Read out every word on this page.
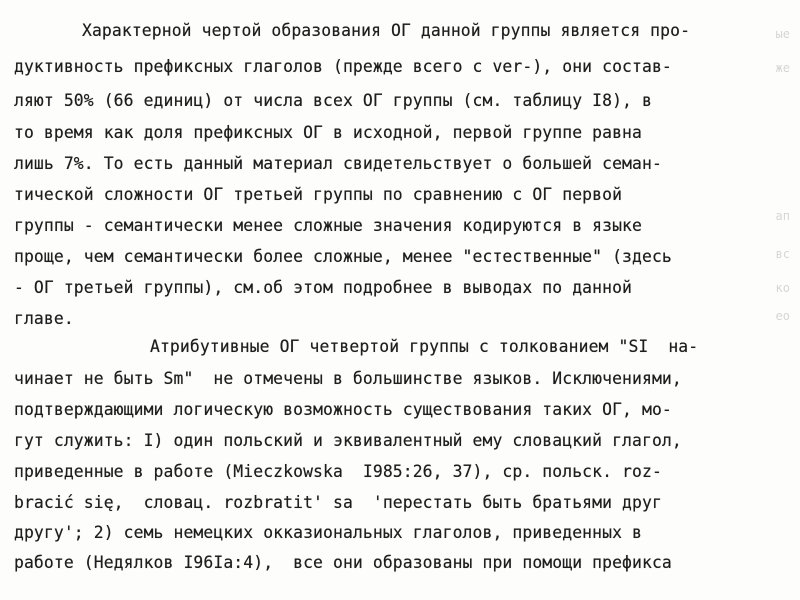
ые
же
ап
вс
ко
ео
Характерной чертой образования ОГ данной группы является про-
дуктивность префиксных глаголов (прежде всего с ver-), они состав-
ляют 50% (66 единиц) от числа всех ОГ группы (см. таблицу I8), в
то время как доля префиксных ОГ в исходной, первой группе равна
лишь 7%. То есть данный материал свидетельствует о большей семан-
тической сложности ОГ третьей группы по сравнению с ОГ первой
группы - семантически менее сложные значения кодируются в языке
проще, чем семантически более сложные, менее "естественные" (здесь
- ОГ третьей группы), см.об этом подробнее в выводах по данной
главе.
Атрибутивные ОГ четвертой группы с толкованием "SI  на-
чинает не быть Sm"  не отмечены в большинстве языков. Исключениями,
подтверждающими логическую возможность существования таких ОГ, мо-
гут служить: I) один польский и эквивалентный ему словацкий глагол,
приведенные в работе (Mieczkowska  I985:26, 37), ср. польск. roz-
bracić się,  словац. rozbratit' sa  'перестать быть братьями друг
другу'; 2) семь немецких окказиональных глаголов, приведенных в
работе (Недялков I96Ia:4),  все они образованы при помощи префикса
